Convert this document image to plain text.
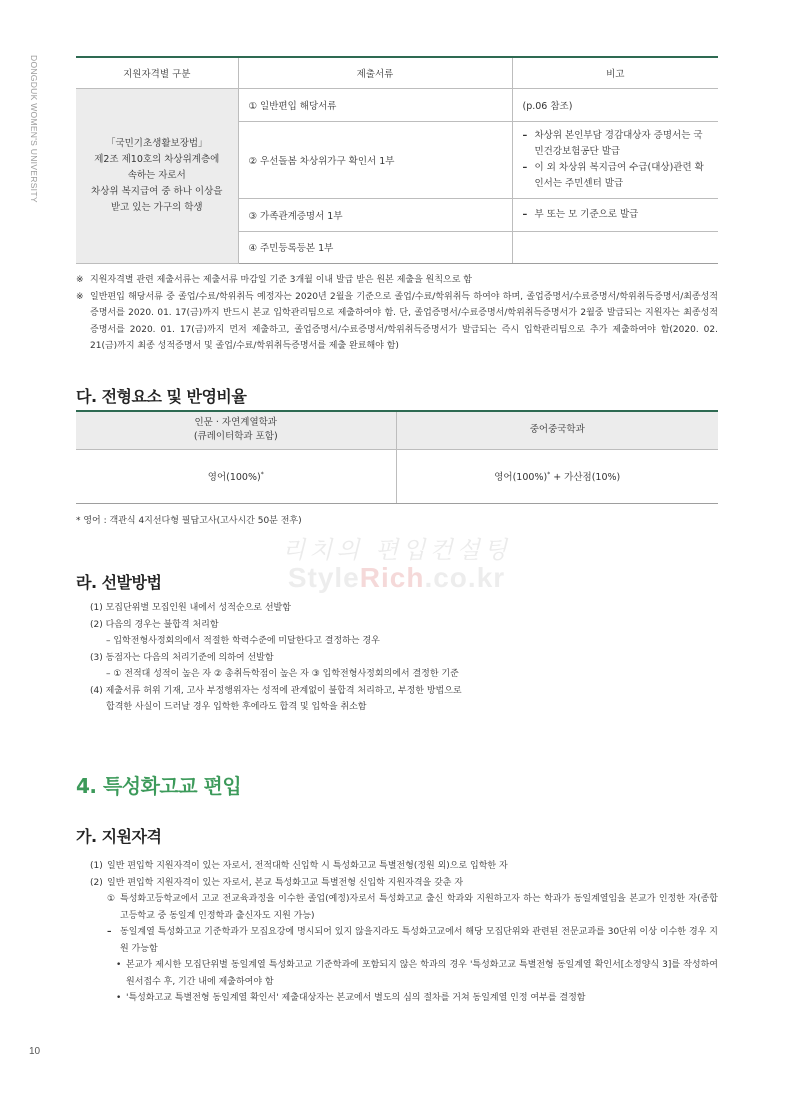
DONGDUK WOMEN'S UNIVERSITY	지원자격별 구분	제출서류	비고

「국민기초생활보장법」
제2조 제10호의 차상위계층에
속하는 자로서
차상위 복지급여 중 하나 이상을
받고 있는 가구의 학생	① 일반편입 해당서류	(p.06 참조)
	② 우선돌봄 차상위가구 확인서 1부	– 차상위 본인부담 경감대상자 증명서는 국민건강보험공단 발급
– 이 외 차상위 복지급여 수급(대상)관련 확인서는 주민센터 발급

	③ 가족관계증명서 1부	– 부 또는 모 기준으로 발급

	④ 주민등록등본 1부	
※ 지원자격별 관련 제출서류는 제출서류 마감일 기준 3개월 이내 발급 받은 원본 제출을 원칙으로 함
※ 일반편입 해당서류 중 졸업/수료/학위취득 예정자는 2020년 2월을 기준으로 졸업/수료/학위취득 하여야 하며, 졸업증명서/수료증명서/학위취득증명서/최종성적증명서를 2020. 01. 17(금)까지 반드시 본교 입학관리팀으로 제출하여야 함. 단, 졸업증명서/수료증명서/학위취득증명서가 2월중 발급되는 지원자는 최종성적증명서를 2020. 01. 17(금)까지 먼저 제출하고, 졸업증명서/수료증명서/학위취득증명서가 발급되는 즉시 입학관리팀으로 추가 제출하여야 함(2020. 02. 21(금)까지 최종 성적증명서 및 졸업/수료/학위취득증명서를 제출 완료해야 함)
다. 전형요소 및 반영비율
인문 · 자연계열학과
(큐레이터학과 포함)	중어중국학과
영어(100%)*	영어(100%)* + 가산점(10%)
* 영어 : 객관식 4지선다형 필답고사(고사시간 50분 전후)
리치의 편입컨설팅
StyleRich.co.kr
라. 선발방법
(1) 모집단위별 모집인원 내에서 성적순으로 선발함
(2) 다음의 경우는 불합격 처리함
– 입학전형사정회의에서 적절한 학력수준에 미달한다고 결정하는 경우
(3) 동점자는 다음의 처리기준에 의하여 선발함
– ① 전적대 성적이 높은 자 ② 총취득학점이 높은 자 ③ 입학전형사정회의에서 결정한 기준
(4) 제출서류 허위 기재, 고사 부정행위자는 성적에 관계없이 불합격 처리하고, 부정한 방법으로
합격한 사실이 드러날 경우 입학한 후에라도 합격 및 입학을 취소함
4. 특성화고교 편입
가. 지원자격
(1) 일반 편입학 지원자격이 있는 자로서, 전적대학 신입학 시 특성화고교 특별전형(정원 외)으로 입학한 자
(2) 일반 편입학 지원자격이 있는 자로서, 본교 특성화고교 특별전형 신입학 지원자격을 갖춘 자
① 특성화고등학교에서 고교 전교육과정을 이수한 졸업(예정)자로서 특성화고교 출신 학과와 지원하고자 하는 학과가 동일계열임을 본교가 인정한 자(종합고등학교 중 동일계 인정학과 출신자도 지원 가능)
– 동일계열 특성화고교 기준학과가 모집요강에 명시되어 있지 않을지라도 특성화고교에서 해당 모집단위와 관련된 전문교과를 30단위 이상 이수한 경우 지원 가능함
• 본교가 제시한 모집단위별 동일계열 특성화고교 기준학과에 포함되지 않은 학과의 경우 '특성화고교 특별전형 동일계열 확인서[소정양식 3]를 작성하여 원서접수 후, 기간 내에 제출하여야 함
• '특성화고교 특별전형 동일계열 확인서' 제출대상자는 본교에서 별도의 심의 절차를 거쳐 동일계열 인정 여부를 결정함
10
